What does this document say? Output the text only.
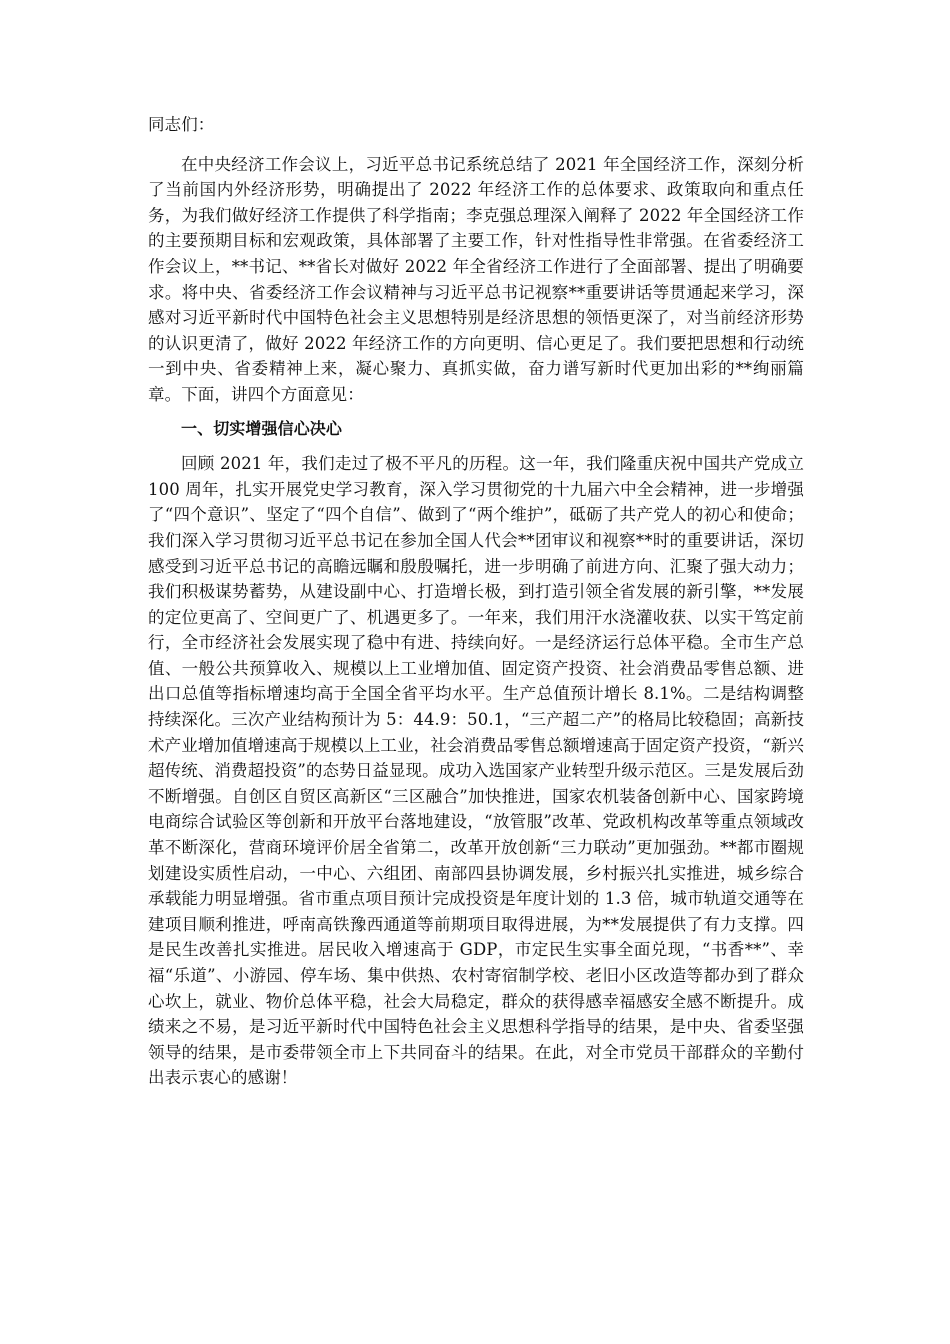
同志们：

在中央经济工作会议上，习近平总书记系统总结了 2021 年全国经济工作，深刻分析了当前国内外经济形势，明确提出了 2022 年经济工作的总体要求、政策取向和重点任务，为我们做好经济工作提供了科学指南；李克强总理深入阐释了 2022 年全国经济工作的主要预期目标和宏观政策，具体部署了主要工作，针对性指导性非常强。在省委经济工作会议上，**书记、**省长对做好 2022 年全省经济工作进行了全面部署、提出了明确要求。将中央、省委经济工作会议精神与习近平总书记视察**重要讲话等贯通起来学习，深感对习近平新时代中国特色社会主义思想特别是经济思想的领悟更深了，对当前经济形势的认识更清了，做好 2022 年经济工作的方向更明、信心更足了。我们要把思想和行动统一到中央、省委精神上来，凝心聚力、真抓实做，奋力谱写新时代更加出彩的**绚丽篇章。下面，讲四个方面意见：

一、切实增强信心决心

回顾 2021 年，我们走过了极不平凡的历程。这一年，我们隆重庆祝中国共产党成立 100 周年，扎实开展党史学习教育，深入学习贯彻党的十九届六中全会精神，进一步增强了“四个意识”、坚定了“四个自信”、做到了“两个维护”，砥砺了共产党人的初心和使命；我们深入学习贯彻习近平总书记在参加全国人代会**团审议和视察**时的重要讲话，深切感受到习近平总书记的高瞻远瞩和殷殷嘱托，进一步明确了前进方向、汇聚了强大动力；我们积极谋势蓄势，从建设副中心、打造增长极，到打造引领全省发展的新引擎，**发展的定位更高了、空间更广了、机遇更多了。一年来，我们用汗水浇灌收获、以实干笃定前行，全市经济社会发展实现了稳中有进、持续向好。一是经济运行总体平稳。全市生产总值、一般公共预算收入、规模以上工业增加值、固定资产投资、社会消费品零售总额、进出口总值等指标增速均高于全国全省平均水平。生产总值预计增长 8.1%。二是结构调整持续深化。三次产业结构预计为 5：44.9：50.1，“三产超二产”的格局比较稳固；高新技术产业增加值增速高于规模以上工业，社会消费品零售总额增速高于固定资产投资，“新兴超传统、消费超投资”的态势日益显现。成功入选国家产业转型升级示范区。三是发展后劲不断增强。自创区自贸区高新区“三区融合”加快推进，国家农机装备创新中心、国家跨境电商综合试验区等创新和开放平台落地建设，“放管服”改革、党政机构改革等重点领域改革不断深化，营商环境评价居全省第二，改革开放创新“三力联动”更加强劲。**都市圈规划建设实质性启动，一中心、六组团、南部四县协调发展，乡村振兴扎实推进，城乡综合承载能力明显增强。省市重点项目预计完成投资是年度计划的 1.3 倍，城市轨道交通等在建项目顺利推进，呼南高铁豫西通道等前期项目取得进展，为**发展提供了有力支撑。四是民生改善扎实推进。居民收入增速高于 GDP，市定民生实事全面兑现，“书香**”、幸福“乐道”、小游园、停车场、集中供热、农村寄宿制学校、老旧小区改造等都办到了群众心坎上，就业、物价总体平稳，社会大局稳定，群众的获得感幸福感安全感不断提升。成绩来之不易，是习近平新时代中国特色社会主义思想科学指导的结果，是中央、省委坚强领导的结果，是市委带领全市上下共同奋斗的结果。在此，对全市党员干部群众的辛勤付出表示衷心的感谢！
